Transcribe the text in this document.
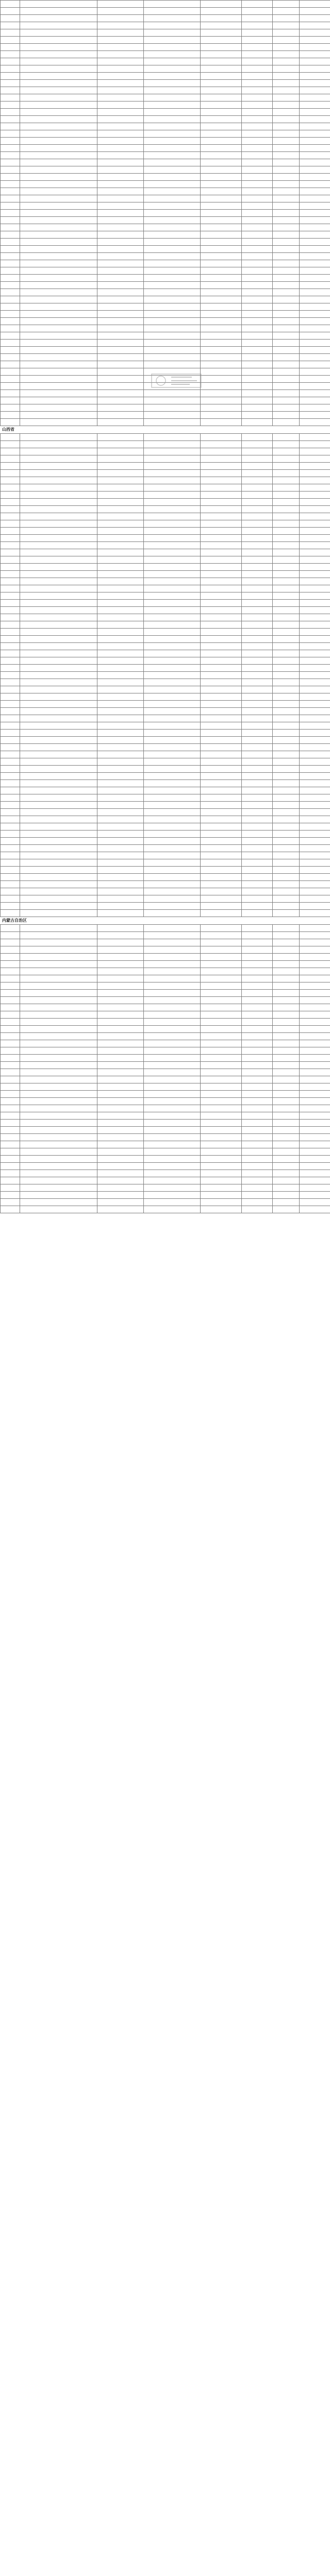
山西省

内蒙古自治区
